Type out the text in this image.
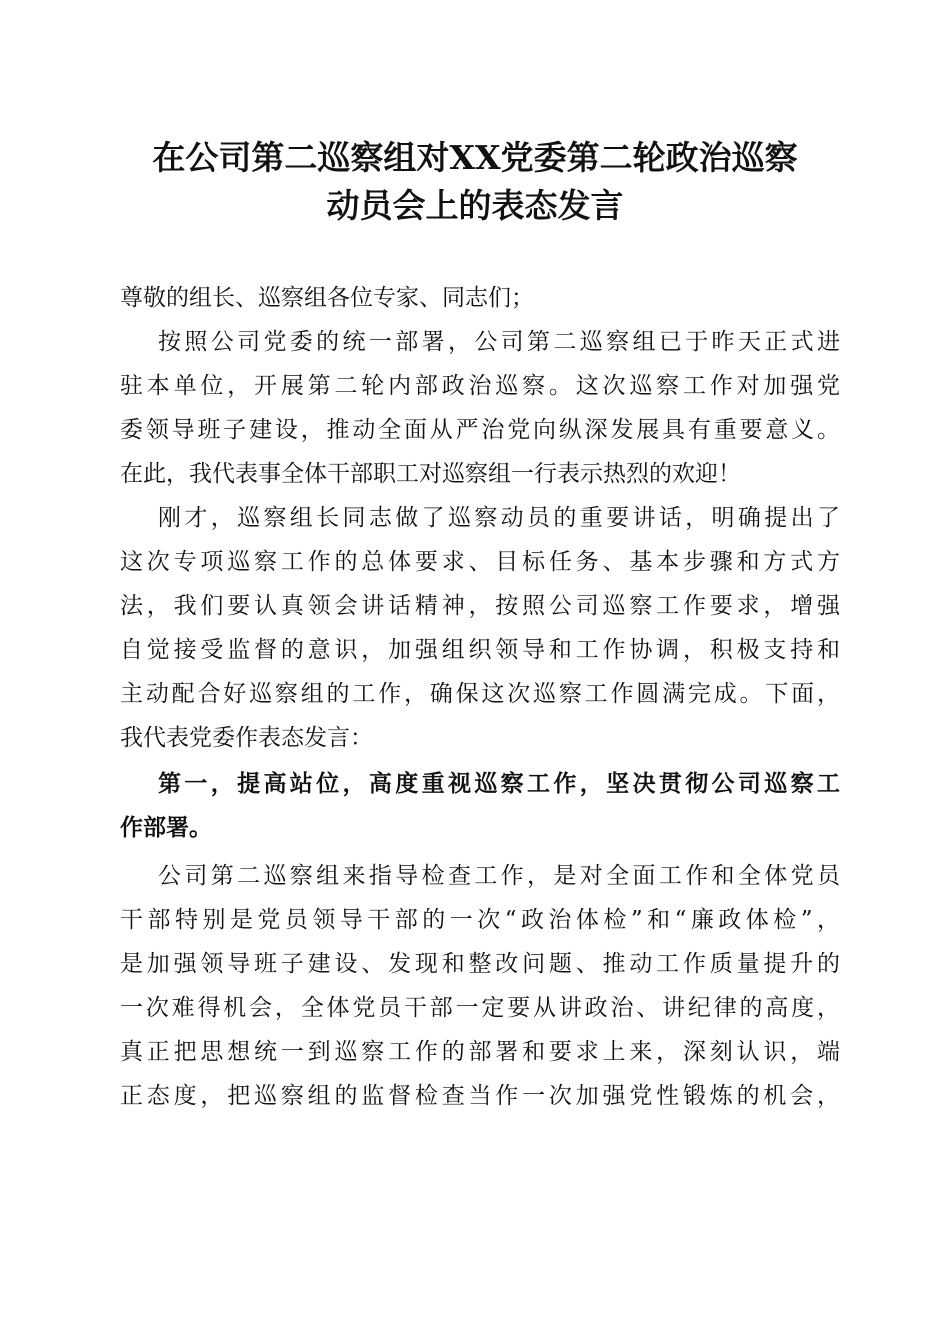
在公司第二巡察组对XX党委第二轮政治巡察
动员会上的表态发言
尊敬的组长、巡察组各位专家、同志们；
按照公司党委的统一部署，公司第二巡察组已于昨天正式进
驻本单位，开展第二轮内部政治巡察。这次巡察工作对加强党
委领导班子建设，推动全面从严治党向纵深发展具有重要意义。
在此，我代表事全体干部职工对巡察组一行表示热烈的欢迎！
刚才，巡察组长同志做了巡察动员的重要讲话，明确提出了
这次专项巡察工作的总体要求、目标任务、基本步骤和方式方
法，我们要认真领会讲话精神，按照公司巡察工作要求，增强
自觉接受监督的意识，加强组织领导和工作协调，积极支持和
主动配合好巡察组的工作，确保这次巡察工作圆满完成。下面，
我代表党委作表态发言：
第一，提高站位，高度重视巡察工作，坚决贯彻公司巡察工
作部署。
公司第二巡察组来指导检查工作，是对全面工作和全体党员
干部特别是党员领导干部的一次“政治体检”和“廉政体检”，
是加强领导班子建设、发现和整改问题、推动工作质量提升的
一次难得机会，全体党员干部一定要从讲政治、讲纪律的高度，
真正把思想统一到巡察工作的部署和要求上来，深刻认识，端
正态度，把巡察组的监督检查当作一次加强党性锻炼的机会，
